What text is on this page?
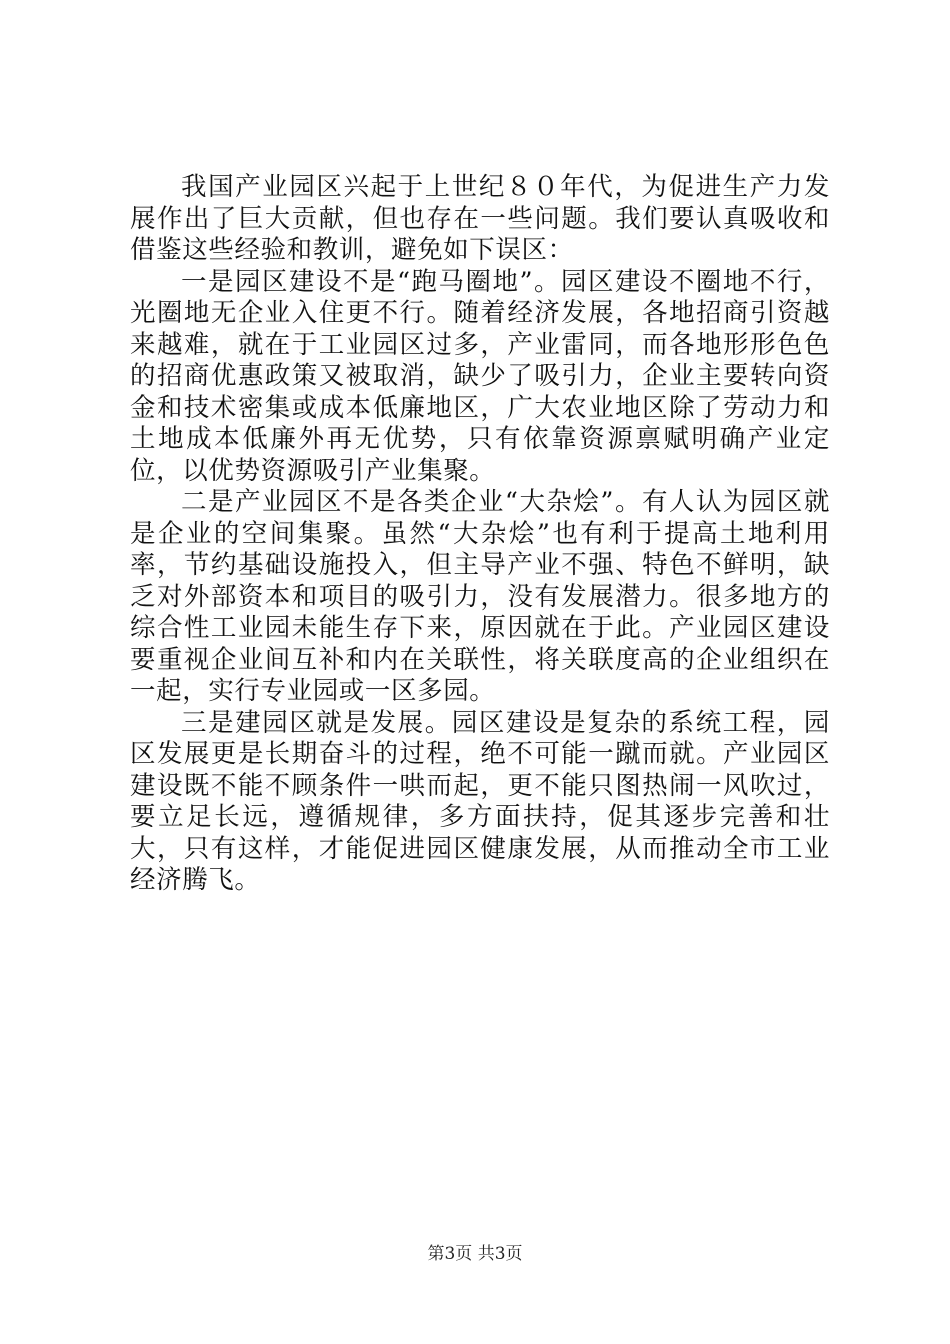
我国产业园区兴起于上世纪８０年代，为促进生产力发展作出了巨大贡献，但也存在一些问题。我们要认真吸收和借鉴这些经验和教训，避免如下误区：

一是园区建设不是“跑马圈地”。园区建设不圈地不行，光圈地无企业入住更不行。随着经济发展，各地招商引资越来越难，就在于工业园区过多，产业雷同，而各地形形色色的招商优惠政策又被取消，缺少了吸引力，企业主要转向资金和技术密集或成本低廉地区，广大农业地区除了劳动力和土地成本低廉外再无优势，只有依靠资源禀赋明确产业定位，以优势资源吸引产业集聚。

二是产业园区不是各类企业“大杂烩”。有人认为园区就是企业的空间集聚。虽然“大杂烩”也有利于提高土地利用率，节约基础设施投入，但主导产业不强、特色不鲜明，缺乏对外部资本和项目的吸引力，没有发展潜力。很多地方的综合性工业园未能生存下来，原因就在于此。产业园区建设要重视企业间互补和内在关联性，将关联度高的企业组织在一起，实行专业园或一区多园。

三是建园区就是发展。园区建设是复杂的系统工程，园区发展更是长期奋斗的过程，绝不可能一蹴而就。产业园区建设既不能不顾条件一哄而起，更不能只图热闹一风吹过，要立足长远，遵循规律，多方面扶持，促其逐步完善和壮大，只有这样，才能促进园区健康发展，从而推动全市工业经济腾飞。

第3页 共3页
